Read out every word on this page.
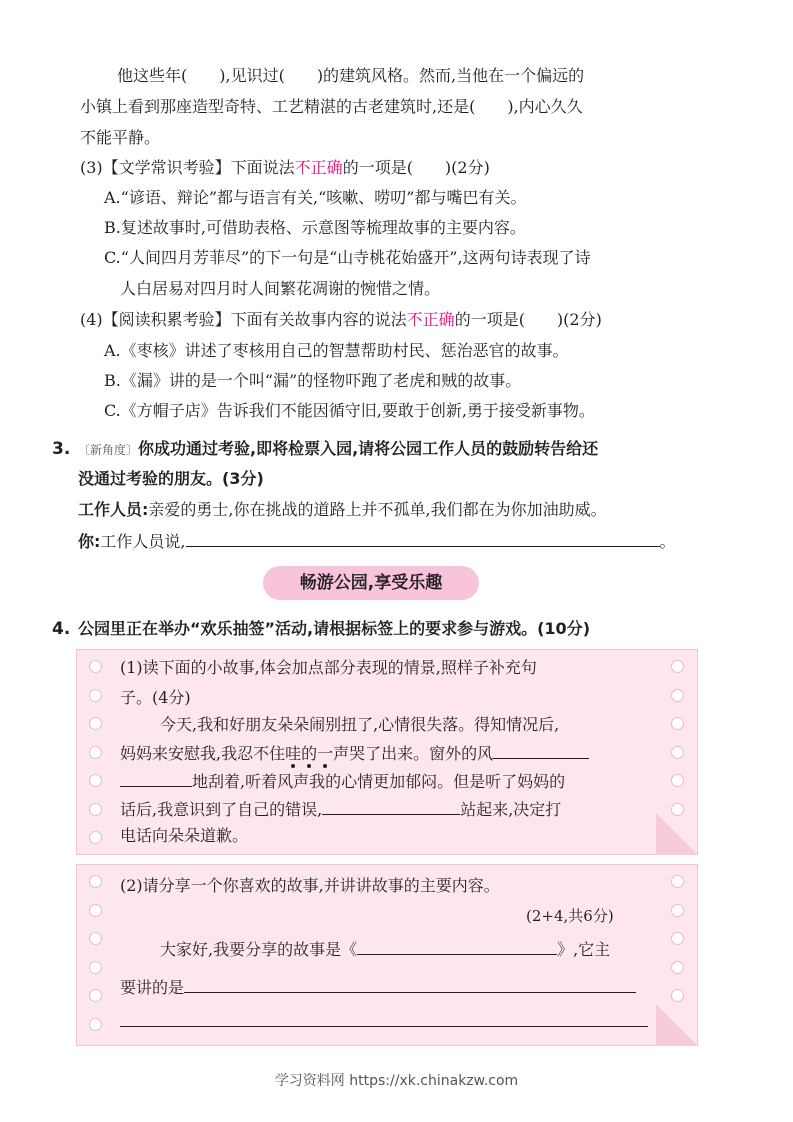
他这些年(　　),见识过(　　)的建筑风格。然而,当他在一个偏远的
小镇上看到那座造型奇特、工艺精湛的古老建筑时,还是(　　),内心久久
不能平静。
(3)【文学常识考验】下面说法不正确的一项是(　　)(2分)
A.“谚语、辩论”都与语言有关,“咳嗽、唠叨”都与嘴巴有关。
B.复述故事时,可借助表格、示意图等梳理故事的主要内容。
C.“人间四月芳菲尽”的下一句是“山寺桃花始盛开”,这两句诗表现了诗
人白居易对四月时人间繁花凋谢的惋惜之情。
(4)【阅读积累考验】下面有关故事内容的说法不正确的一项是(　　)(2分)
A.《枣核》讲述了枣核用自己的智慧帮助村民、惩治恶官的故事。
B.《漏》讲的是一个叫“漏”的怪物吓跑了老虎和贼的故事。
C.《方帽子店》告诉我们不能因循守旧,要敢于创新,勇于接受新事物。
3. 〔新角度〕你成功通过考验,即将检票入园,请将公园工作人员的鼓励转告给还
没通过考验的朋友。(3分)
工作人员:亲爱的勇士,你在挑战的道路上并不孤单,我们都在为你加油助威。
你:工作人员说,	。
畅游公园,享受乐趣
4. 公园里正在举办“欢乐抽签”活动,请根据标签上的要求参与游戏。(10分)
(1)读下面的小故事,体会加点部分表现的情景,照样子补充句
子。(4分)
今天,我和好朋友朵朵闹别扭了,心情很失落。得知情况后,
妈妈来安慰我,我忍不住哇的一声哭了出来。窗外的风
地刮着,听着风声我的心情更加郁闷。但是听了妈妈的
话后,我意识到了自己的错误,	站起来,决定打
电话向朵朵道歉。
(2)请分享一个你喜欢的故事,并讲讲故事的主要内容。
(2+4,共6分)
大家好,我要分享的故事是《	》,它主
要讲的是
学习资料网 https://xk.chinakzw.com
